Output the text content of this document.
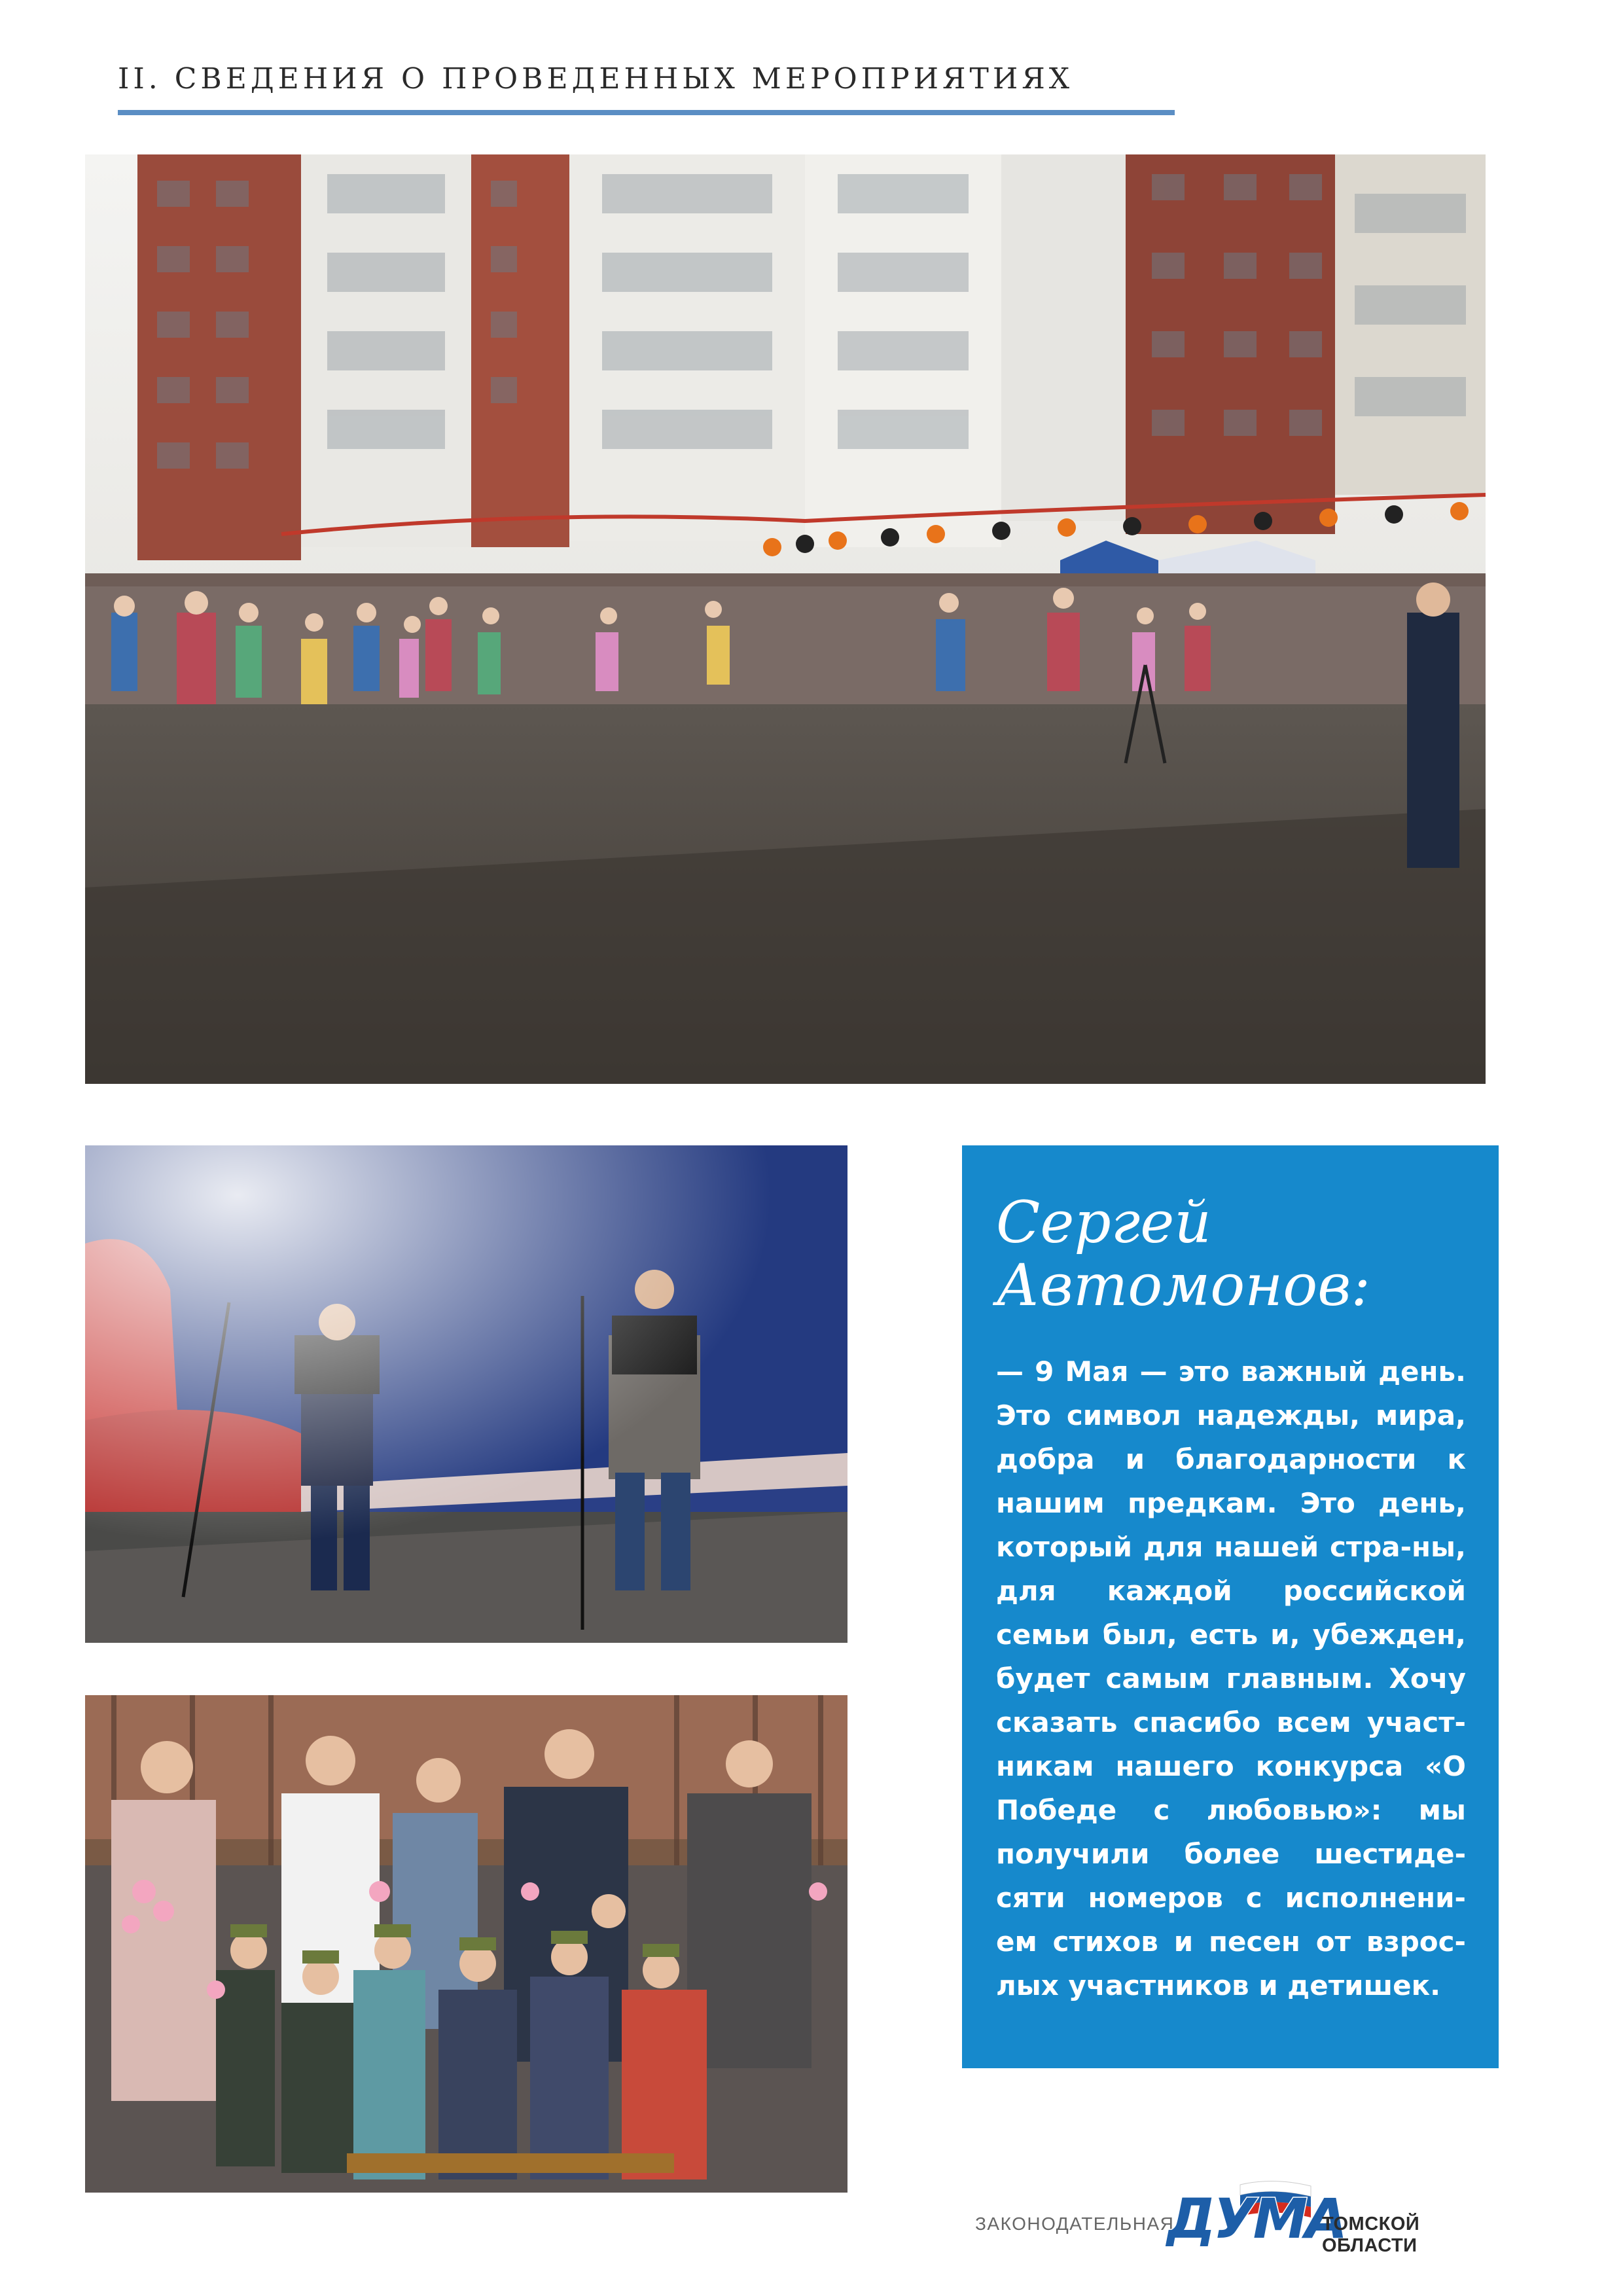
II. СВЕДЕНИЯ О ПРОВЕДЕННЫХ МЕРОПРИЯТИЯХ
Сергей Автомонов:

— 9 Мая — это важный день. Это символ надежды, мира, добра и благодарности к нашим предкам. Это день, который для нашей стра-ны, для каждой российской семьи был, есть и, убежден, будет самым главным. Хочу сказать спасибо всем участ-никам нашего конкурса «О Победе с любовью»: мы получили более шестиде-сяти номеров с исполнени-ем стихов и песен от взрос-лых участников и детишек.

ЗАКОНОДАТЕЛЬНАЯ
ДУМА
ТОМСКОЙ ОБЛАСТИ
